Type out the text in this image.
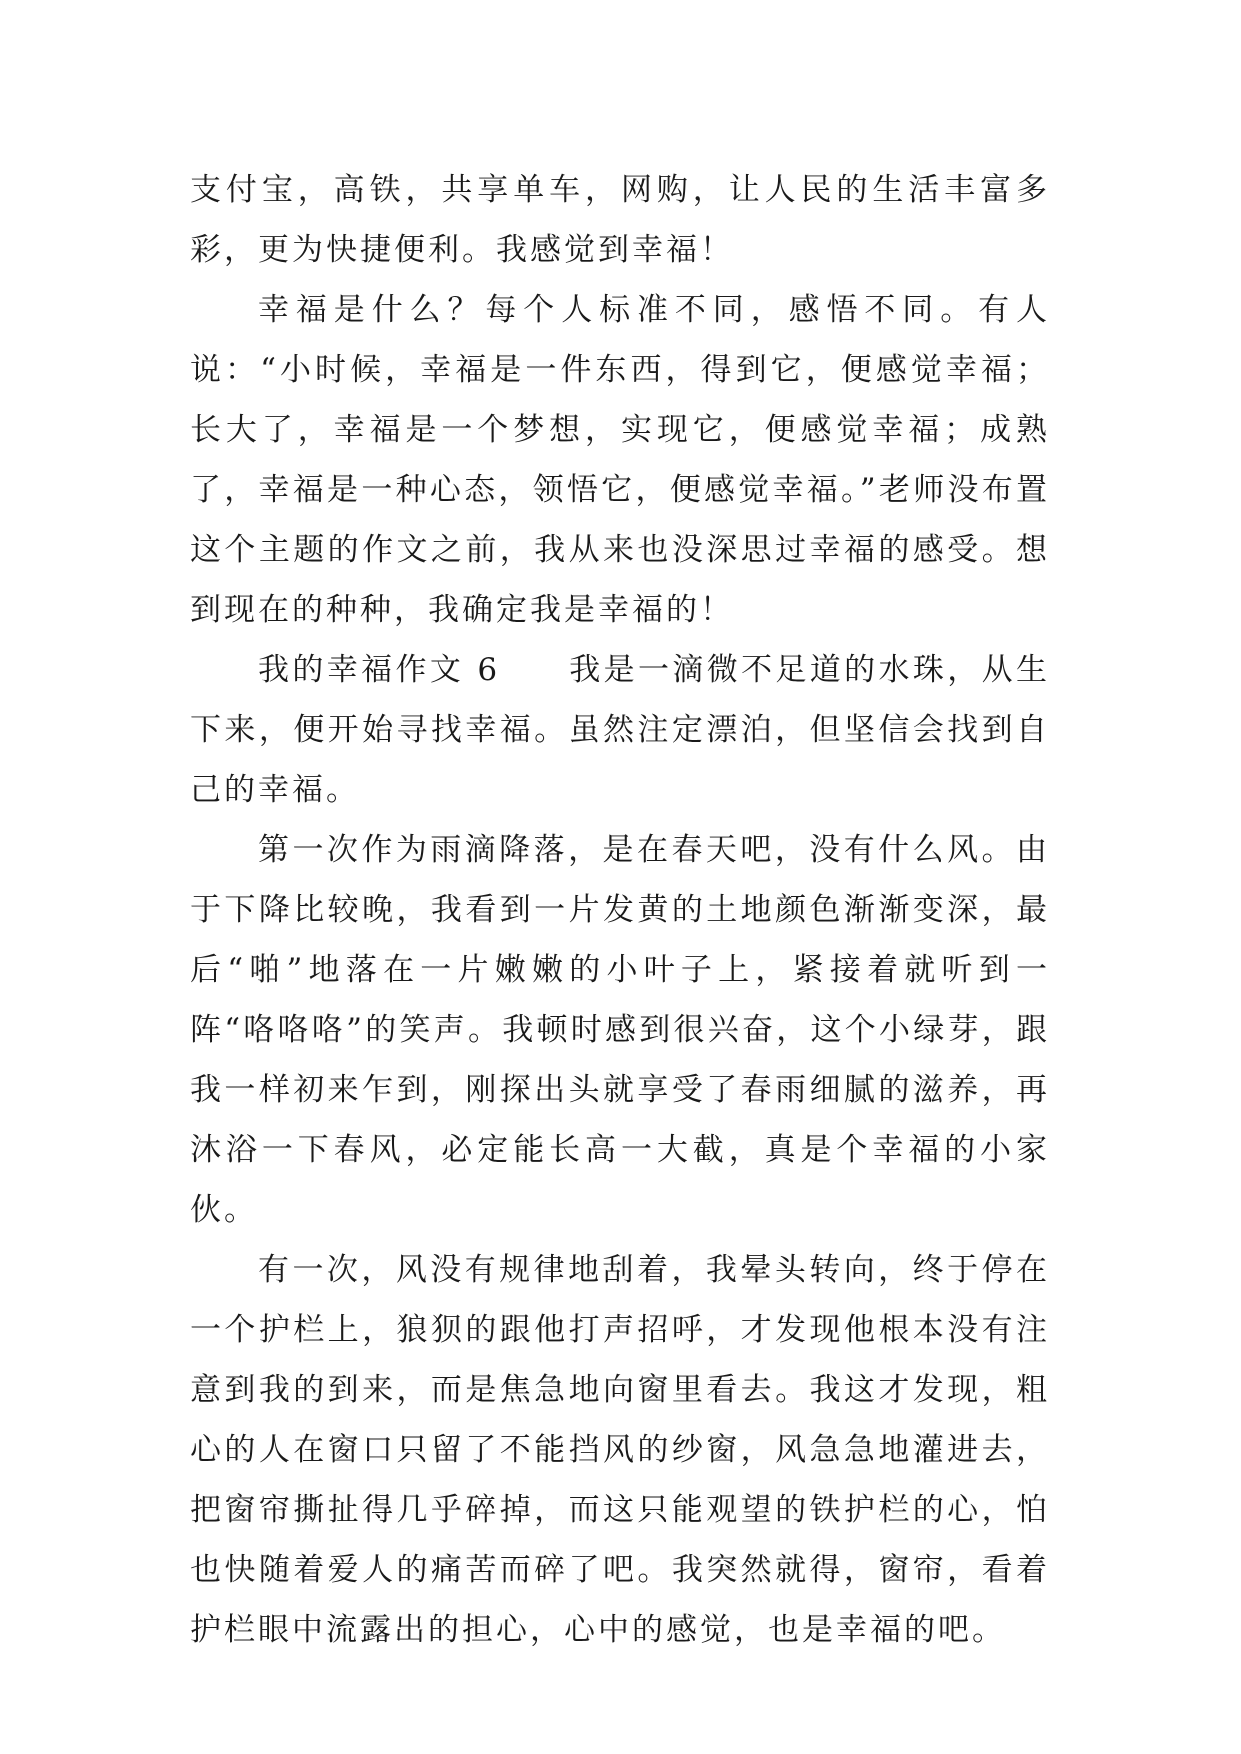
支付宝，高铁，共享单车，网购，让人民的生活丰富多彩，更为快捷便利。我感觉到幸福！

幸福是什么？每个人标准不同，感悟不同。有人说：“小时候，幸福是一件东西，得到它，便感觉幸福；长大了，幸福是一个梦想，实现它，便感觉幸福；成熟了，幸福是一种心态，领悟它，便感觉幸福。”老师没布置这个主题的作文之前，我从来也没深思过幸福的感受。想到现在的种种，我确定我是幸福的！

我的幸福作文 6　　我是一滴微不足道的水珠，从生下来，便开始寻找幸福。虽然注定漂泊，但坚信会找到自己的幸福。

第一次作为雨滴降落，是在春天吧，没有什么风。由于下降比较晚，我看到一片发黄的土地颜色渐渐变深，最后“啪”地落在一片嫩嫩的小叶子上，紧接着就听到一阵“咯咯咯”的笑声。我顿时感到很兴奋，这个小绿芽，跟我一样初来乍到，刚探出头就享受了春雨细腻的滋养，再沐浴一下春风，必定能长高一大截，真是个幸福的小家伙。

有一次，风没有规律地刮着，我晕头转向，终于停在一个护栏上，狼狈的跟他打声招呼，才发现他根本没有注意到我的到来，而是焦急地向窗里看去。我这才发现，粗心的人在窗口只留了不能挡风的纱窗，风急急地灌进去，把窗帘撕扯得几乎碎掉，而这只能观望的铁护栏的心，怕也快随着爱人的痛苦而碎了吧。我突然就得，窗帘，看着护栏眼中流露出的担心，心中的感觉，也是幸福的吧。
